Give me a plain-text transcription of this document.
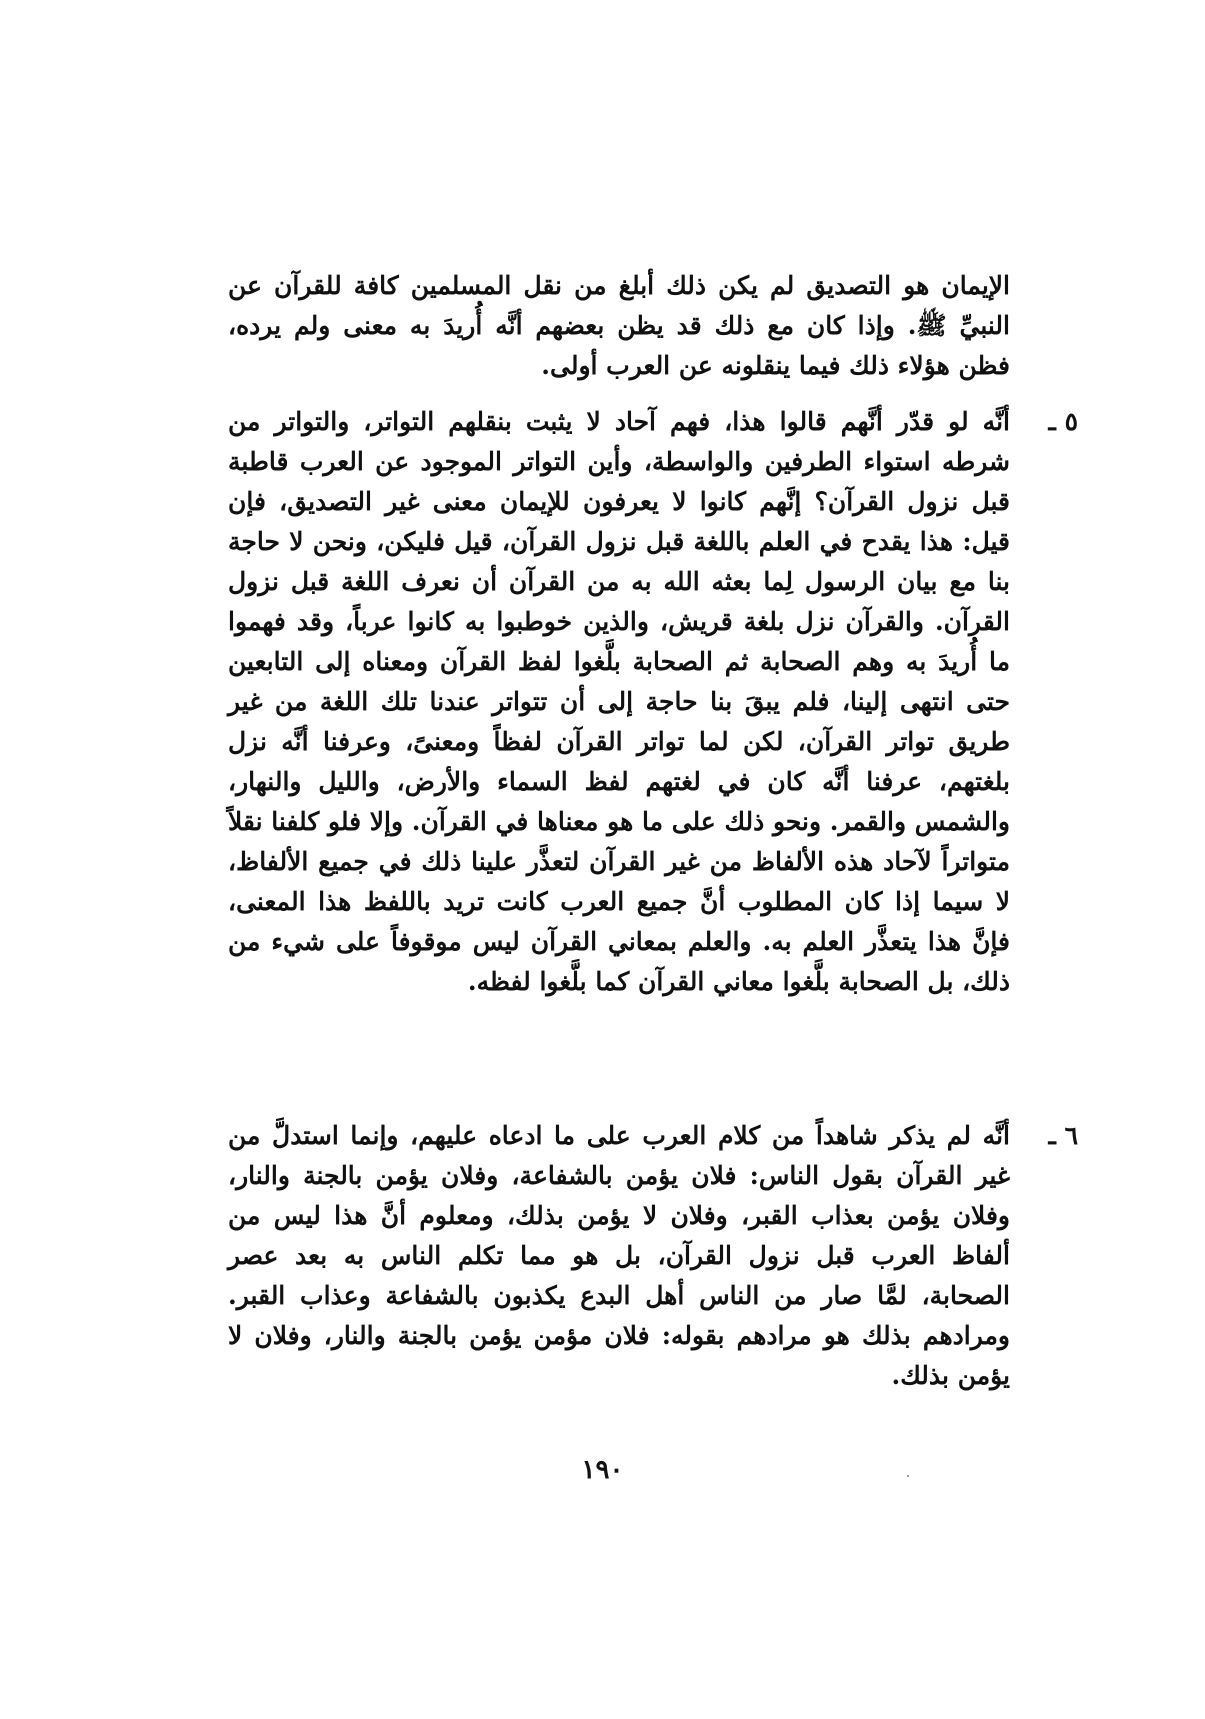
الإيمان هو التصديق لم يكن ذلك أبلغ من نقل المسلمين كافة للقرآن عن النبيِّ ﷺ. وإذا كان مع ذلك قد يظن بعضهم أنَّه أُريدَ به معنى ولم يرده، فظن هؤلاء ذلك فيما ينقلونه عن العرب أولى.

٥ ـ

أنَّه لو قدّر أنَّهم قالوا هذا، فهم آحاد لا يثبت بنقلهم التواتر، والتواتر من شرطه استواء الطرفين والواسطة، وأين التواتر الموجود عن العرب قاطبة قبل نزول القرآن؟ إنَّهم كانوا لا يعرفون للإيمان معنى غير التصديق، فإن قيل: هذا يقدح في العلم باللغة قبل نزول القرآن، قيل فليكن، ونحن لا حاجة بنا مع بيان الرسول لِما بعثه الله به من القرآن أن نعرف اللغة قبل نزول القرآن. والقرآن نزل بلغة قريش، والذين خوطبوا به كانوا عرباً، وقد فهموا ما أُريدَ به وهم الصحابة ثم الصحابة بلَّغوا لفظ القرآن ومعناه إلى التابعين حتى انتهى إلينا، فلم يبقَ بنا حاجة إلى أن تتواتر عندنا تلك اللغة من غير طريق تواتر القرآن، لكن لما تواتر القرآن لفظاً ومعنىً، وعرفنا أنَّه نزل بلغتهم، عرفنا أنَّه كان في لغتهم لفظ السماء والأرض، والليل والنهار، والشمس والقمر. ونحو ذلك على ما هو معناها في القرآن. وإلا فلو كلفنا نقلاً متواتراً لآحاد هذه الألفاظ من غير القرآن لتعذَّر علينا ذلك في جميع الألفاظ، لا سيما إذا كان المطلوب أنَّ جميع العرب كانت تريد باللفظ هذا المعنى، فإنَّ هذا يتعذَّر العلم به. والعلم بمعاني القرآن ليس موقوفاً على شيء من ذلك، بل الصحابة بلَّغوا معاني القرآن كما بلَّغوا لفظه.

٦ ـ

أنَّه لم يذكر شاهداً من كلام العرب على ما ادعاه عليهم، وإنما استدلَّ من غير القرآن بقول الناس: فلان يؤمن بالشفاعة، وفلان يؤمن بالجنة والنار، وفلان يؤمن بعذاب القبر، وفلان لا يؤمن بذلك، ومعلوم أنَّ هذا ليس من ألفاظ العرب قبل نزول القرآن، بل هو مما تكلم الناس به بعد عصر الصحابة، لمَّا صار من الناس أهل البدع يكذبون بالشفاعة وعذاب القبر. ومرادهم بذلك هو مرادهم بقوله: فلان مؤمن يؤمن بالجنة والنار، وفلان لا يؤمن بذلك.

١٩٠
